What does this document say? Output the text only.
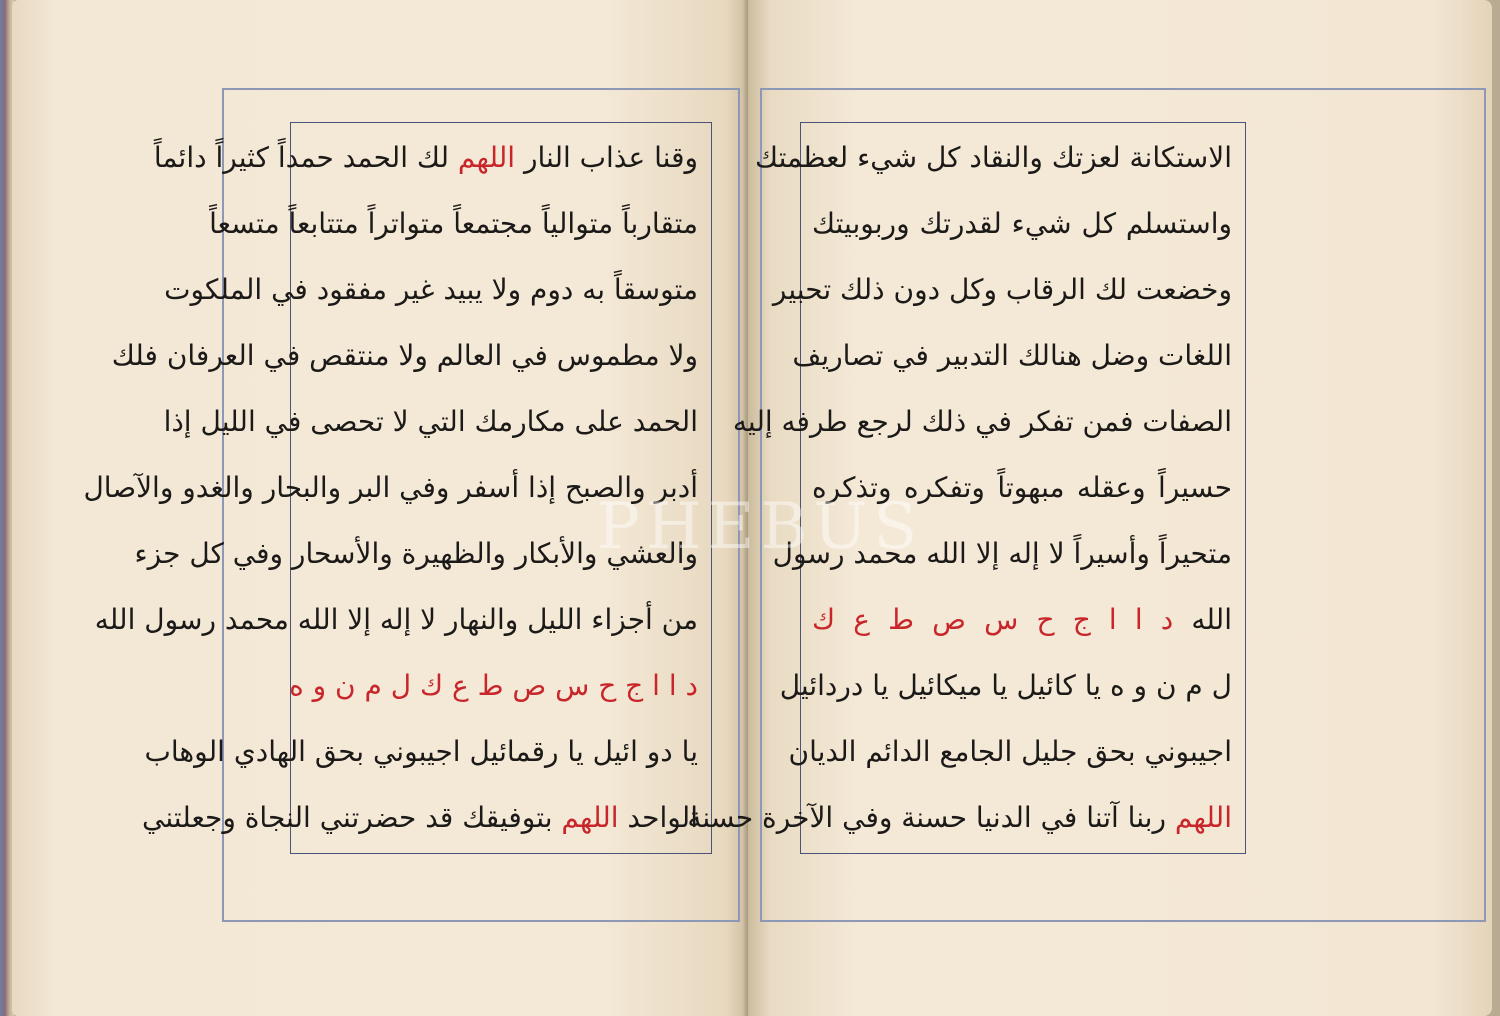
وقنا عذاب النار اللهم لك الحمد حمداً كثيراً دائماً
متقارباً متوالياً مجتمعاً متواتراً متتابعاً متسعاً
متوسقاً به دوم ولا يبيد غير مفقود في الملكوت
ولا مطموس في العالم ولا منتقص في العرفان فلك
الحمد على مكارمك التي لا تحصى في الليل إذا
أدبر والصبح إذا أسفر وفي البر والبحار والغدو والآصال
والعشي والأبكار والظهيرة والأسحار وفي كل جزء
من أجزاء الليل والنهار لا إله إلا الله محمد رسول الله
د ا ا ج ح س ص ط ع ك ل م ن و ه
يا دو ائيل يا رقمائيل اجيبوني بحق الهادي الوهاب
الواحد اللهم بتوفيقك قد حضرتني النجاة وجعلتني
الاستكانة لعزتك والنقاد كل شيء لعظمتك
واستسلم كل شيء لقدرتك وربوبيتك
وخضعت لك الرقاب وكل دون ذلك تحبير
اللغات وضل هنالك التدبير في تصاريف
الصفات فمن تفكر في ذلك لرجع طرفه إليه
حسيراً وعقله مبهوتاً وتفكره وتذكره
متحيراً وأسيراً لا إله إلا الله محمد رسول
الله د ا ا ج ح س ص ط ع ك
ل م ن و ه يا كائيل يا ميكائيل يا دردائيل
اجيبوني بحق جليل الجامع الدائم الديان
اللهم ربنا آتنا في الدنيا حسنة وفي الآخرة حسنة
PHEBUS
